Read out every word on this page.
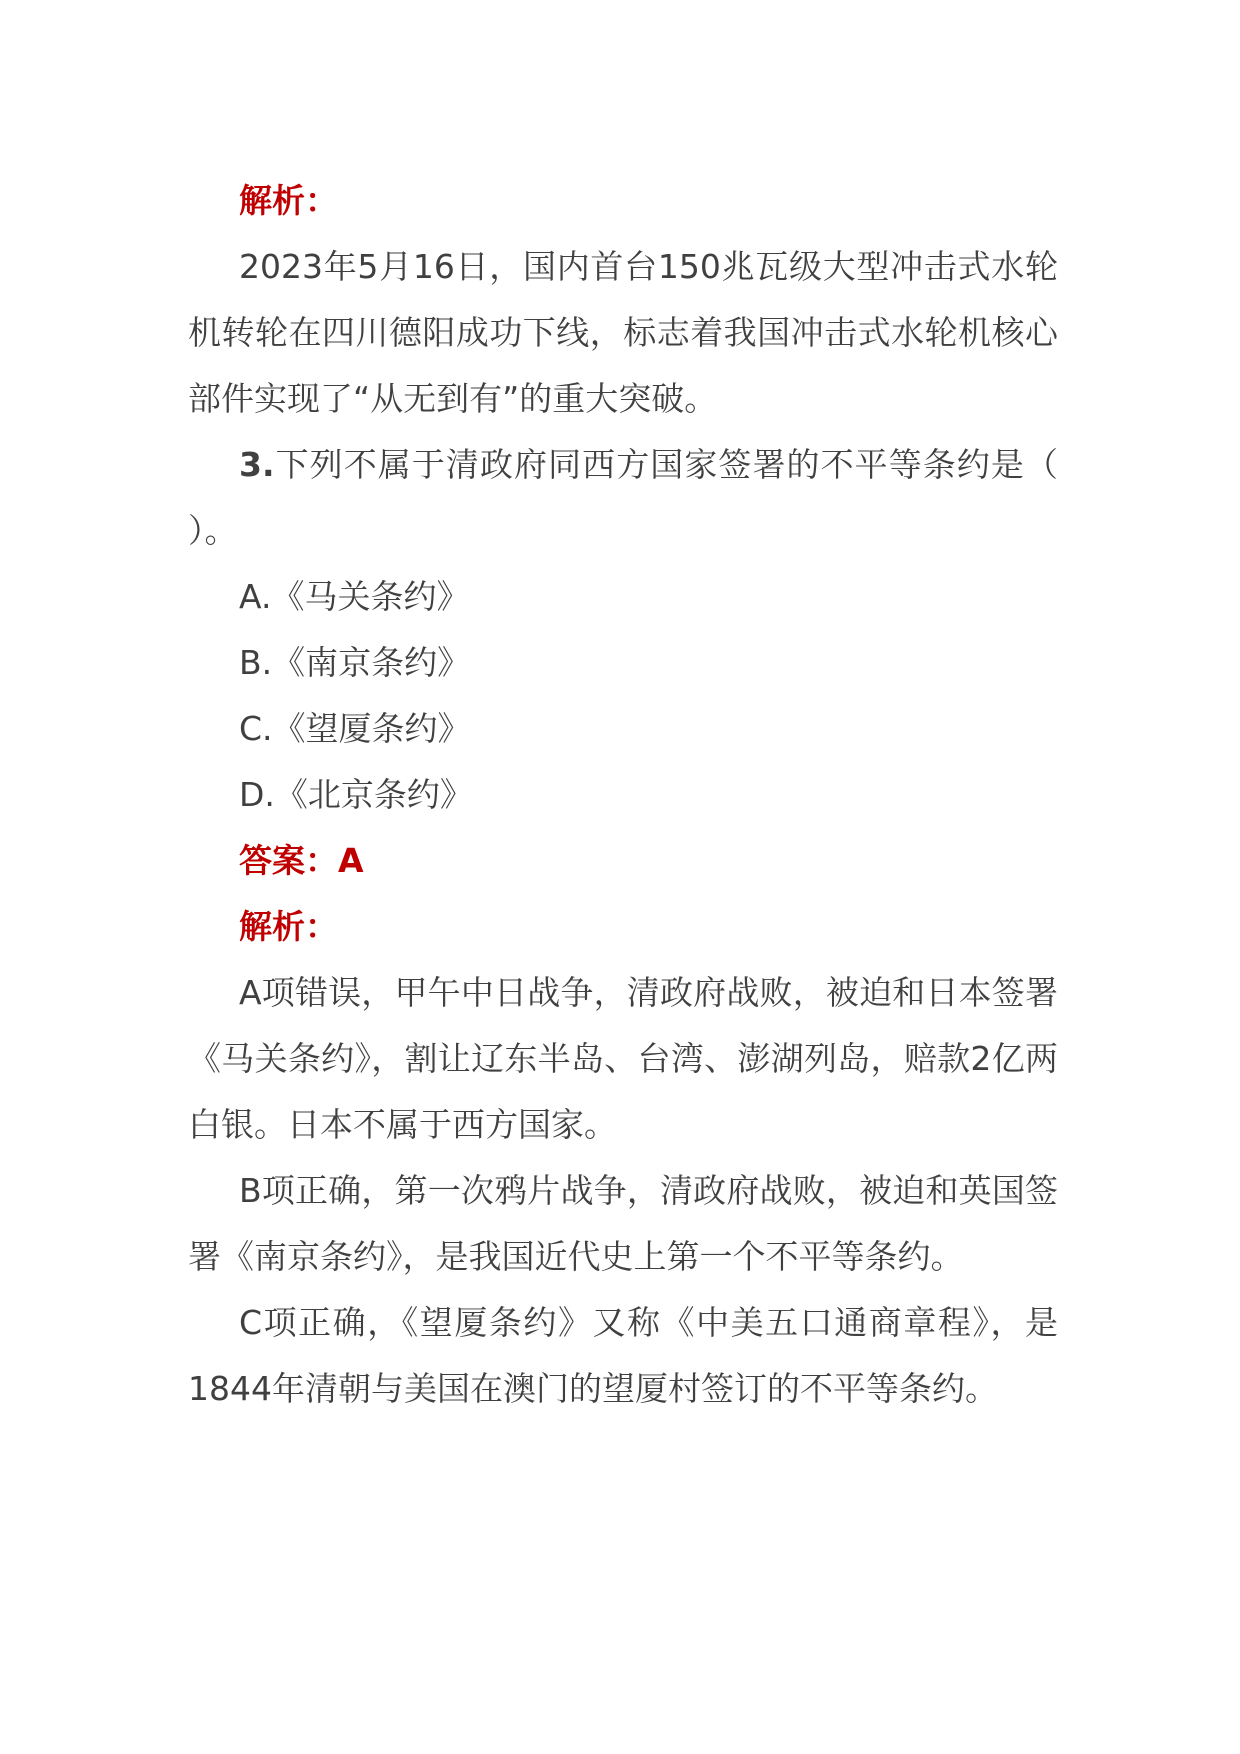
解析：

2023年5月16日，国内首台150兆瓦级大型冲击式水轮机转轮在四川德阳成功下线，标志着我国冲击式水轮机核心部件实现了“从无到有”的重大突破。

3.下列不属于清政府同西方国家签署的不平等条约是（ ）。

A.《马关条约》

B.《南京条约》

C.《望厦条约》

D.《北京条约》

答案：A

解析：

A项错误，甲午中日战争，清政府战败，被迫和日本签署《马关条约》，割让辽东半岛、台湾、澎湖列岛，赔款2亿两白银。日本不属于西方国家。

B项正确，第一次鸦片战争，清政府战败，被迫和英国签署《南京条约》，是我国近代史上第一个不平等条约。

C项正确，《望厦条约》又称《中美五口通商章程》，是1844年清朝与美国在澳门的望厦村签订的不平等条约。
